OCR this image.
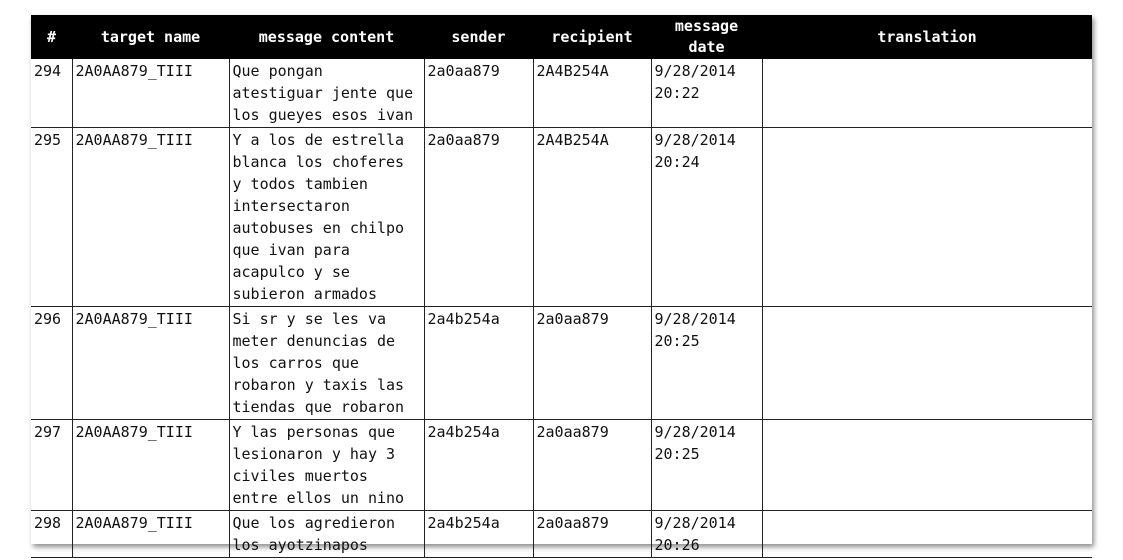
#	target name	message content	sender	recipient	message date	translation
294	2A0AA879_TIII	Que pongan atestiguar jente que los gueyes esos ivan	2a0aa879	2A4B254A	9/28/2014 20:22	
295	2A0AA879_TIII	Y a los de estrella blanca los choferes y todos tambien intersectaron autobuses en chilpo que ivan para acapulco y se subieron armados	2a0aa879	2A4B254A	9/28/2014 20:24	
296	2A0AA879_TIII	Si sr y se les va meter denuncias de los carros que robaron y taxis las tiendas que robaron	2a4b254a	2a0aa879	9/28/2014 20:25	
297	2A0AA879_TIII	Y las personas que lesionaron y hay 3 civiles muertos entre ellos un nino	2a4b254a	2a0aa879	9/28/2014 20:25	
298	2A0AA879_TIII	Que los agredieron los ayotzinapos	2a4b254a	2a0aa879	9/28/2014 20:26	
